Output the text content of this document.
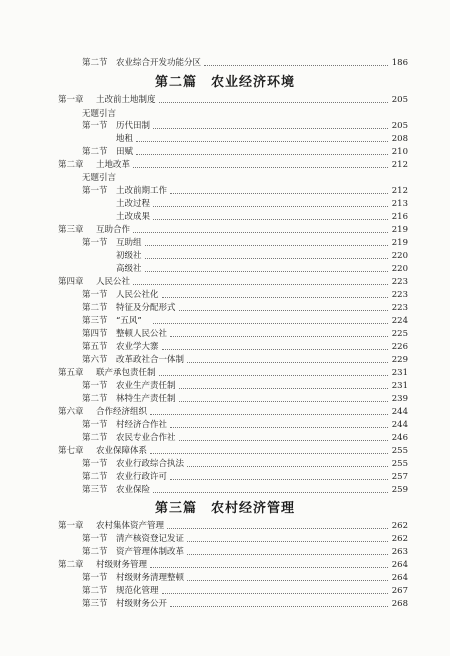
第二篇　农业经济环境
第三篇　农村经济管理
第二节 农业综合开发功能分区	186
第一章 土改前土地制度	205
无题引言
第一节 历代田制	205
地租	208
第二节 田赋	210
第二章 土地改革	212
无题引言
第一节 土改前期工作	212
土改过程	213
土改成果	216
第三章 互助合作	219
第一节 互助组	219
初级社	220
高级社	220
第四章 人民公社	223
第一节 人民公社化	223
第二节 特征及分配形式	223
第三节 “五风”	224
第四节 整顿人民公社	225
第五节 农业学大寨	226
第六节 改革政社合一体制	229
第五章 联产承包责任制	231
第一节 农业生产责任制	231
第二节 林特生产责任制	239
第六章 合作经济组织	244
第一节 村经济合作社	244
第二节 农民专业合作社	246
第七章 农业保障体系	255
第一节 农业行政综合执法	255
第二节 农业行政许可	257
第三节 农业保险	259
第一章 农村集体资产管理	262
第一节 清产核资登记发证	262
第二节 资产管理体制改革	263
第二章 村级财务管理	264
第一节 村级财务清理整顿	264
第二节 规范化管理	267
第三节 村级财务公开	268
